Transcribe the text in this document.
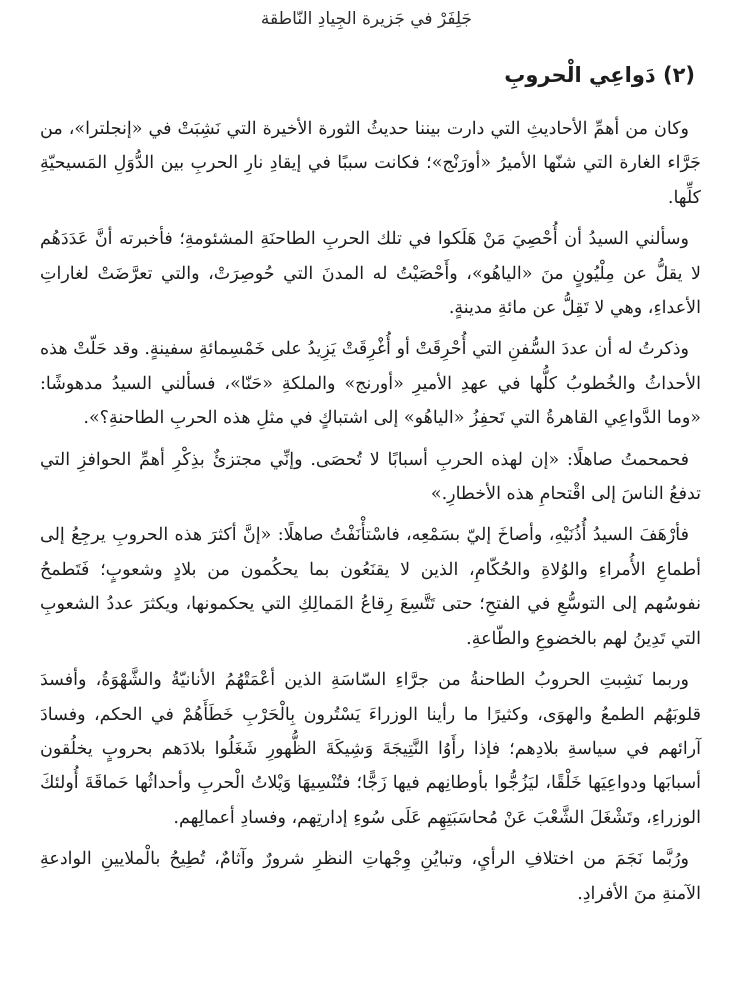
جَلِفَرْ في جَزيرة الجِيادِ النّاطقة
(٢) دَواعِي الْحروبِ

وكان من أهمِّ الأحاديثِ التي دارت بيننا حديثُ الثورة الأخيرة التي نَشِبَتْ في «إنجلترا»، من جَرَّاء الغارة التي شنّها الأميرُ «أورَنْج»؛ فكانت سببًا في إيقادِ نارِ الحربِ بين الدُّوَلِ المَسيحيّةِ كلِّها.

وسألني السيدُ أن أُحْصِيَ مَنْ هَلَكوا في تلك الحربِ الطاحنَةِ المشئومةِ؛ فأخبرته أنَّ عَدَدَهُم لا يقلُّ عن مِلْيُونٍ منَ «الياهُو»، وأَحْصَيْتُ له المدنَ التي حُوصِرَتْ، والتي تعرَّضَتْ لغاراتِ الأعداءِ، وهي لا تَقِلُّ عن مائةِ مدينةٍ.

وذكرتُ له أن عددَ السُّفنِ التي أُحْرِقَتْ أو أُغْرِقَتْ يَزِيدُ على خَمْسِمائةِ سفينةٍ. وقد حَلّتْ هذه الأحداثُ والخُطوبُ كلُّها في عهدِ الأميرِ «أورنج» والملكةِ «حَنّا»، فسألني السيدُ مدهوشًا: «وما الدَّواعِي القاهرةُ التي تَحفِزُ «الياهُو» إلى اشتباكٍ في مثلِ هذه الحربِ الطاحنةِ؟».

فحمحمتُ صاهلًا: «إن لهذه الحربِ أسبابًا لا تُحصَى. وإنِّي مجتزئٌ بذِكْرِ أهمِّ الحوافزِ التي تدفعُ الناسَ إلى اقْتحامِ هذه الأخطارِ.»

فأرْهَفَ السيدُ أُذُنَيْهِ، وأصاخَ إليّ بسَمْعِه، فاسْتأْنَفْتُ صاهلًا: «إنَّ أكثرَ هذه الحروبِ يرجِعُ إلى أطماعِ الأُمراءِ والوُلاةِ والحُكّامِ، الذين لا يقنَعُون بما يحكُمون من بلادٍ وشعوبٍ؛ فَتَطمحُ نفوسُهم إلى التوسُّعِ في الفتحِ؛ حتى تَتَّسِعَ رِقاعُ المَمالِكِ التي يحكمونها، ويكثرَ عددُ الشعوبِ التي تَدِينُ لهم بالخضوعِ والطّاعةِ.

وربما نَشِبتِ الحروبُ الطاحنةُ من جرَّاءِ السّاسَةِ الذين أعْمَتْهُمُ الأنانيّةُ والشَّهْوَةُ، وأفسدَ قلوبَهُم الطمعُ والهوَى، وكثيرًا ما رأينا الوزراءَ يَسْتُرون بِالْحَرْبِ خَطَأَهُمْ في الحكم، وفسادَ آرائهم في سياسةِ بلادِهم؛ فإذا رأَوُا النَّتِيجَةَ وَشِيكَةَ الظُّهورِ شَغَلُوا بلادَهم بحروبٍ يخلُقون أسبابَها ودواعِيَها خَلْقًا، ليَزُجُّوا بأوطانِهم فيها زَجًّا؛ فتُنْسِيهَا وَيْلاتُ الْحربِ وأحداثُها حَماقَةَ أُولئكَ الوزراءِ، وتَشْغَلَ الشَّعْبَ عَنْ مُحاسَبَتِهِم عَلَى سُوءِ إدارتِهم، وفسادِ أعمالِهم.

ورُبَّما نَجَمَ من اختلافِ الرأيِ، وتبايُنِ وِجْهاتِ النظرِ شرورٌ وآثامٌ، تُطِيحُ بالْملايينِ الوادعةِ الآمنةِ منَ الأفرادِ.
